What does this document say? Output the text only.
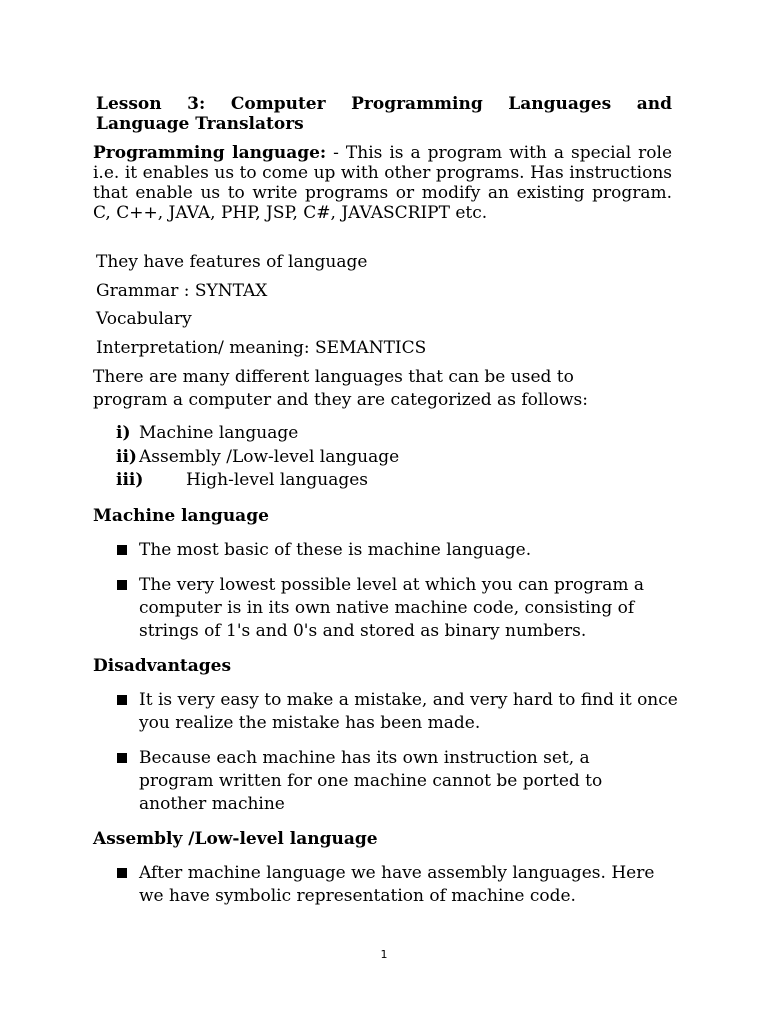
Lesson 3: Computer Programming Languages and
Language Translators
Programming language: - This is a program with a special role i.e. it enables us to come up with other programs. Has instructions that enable us to write programs or modify an existing program. C, C++, JAVA, PHP, JSP, C#, JAVASCRIPT etc.
They have features of language
Grammar : SYNTAX
Vocabulary
Interpretation/ meaning: SEMANTICS
There are many different languages that can be used to
program a computer and they are categorized as follows:
i) Machine language
ii) Assembly /Low-level language
iii)	High-level languages
Machine language
The most basic of these is machine language.
The very lowest possible level at which you can program a computer is in its own native machine code, consisting of strings of 1's and 0's and stored as binary numbers.
Disadvantages
It is very easy to make a mistake, and very hard to find it once you realize the mistake has been made.
Because each machine has its own instruction set, a program written for one machine cannot be ported to another machine
Assembly /Low-level language
After machine language we have assembly languages. Here we have symbolic representation of machine code.
1
